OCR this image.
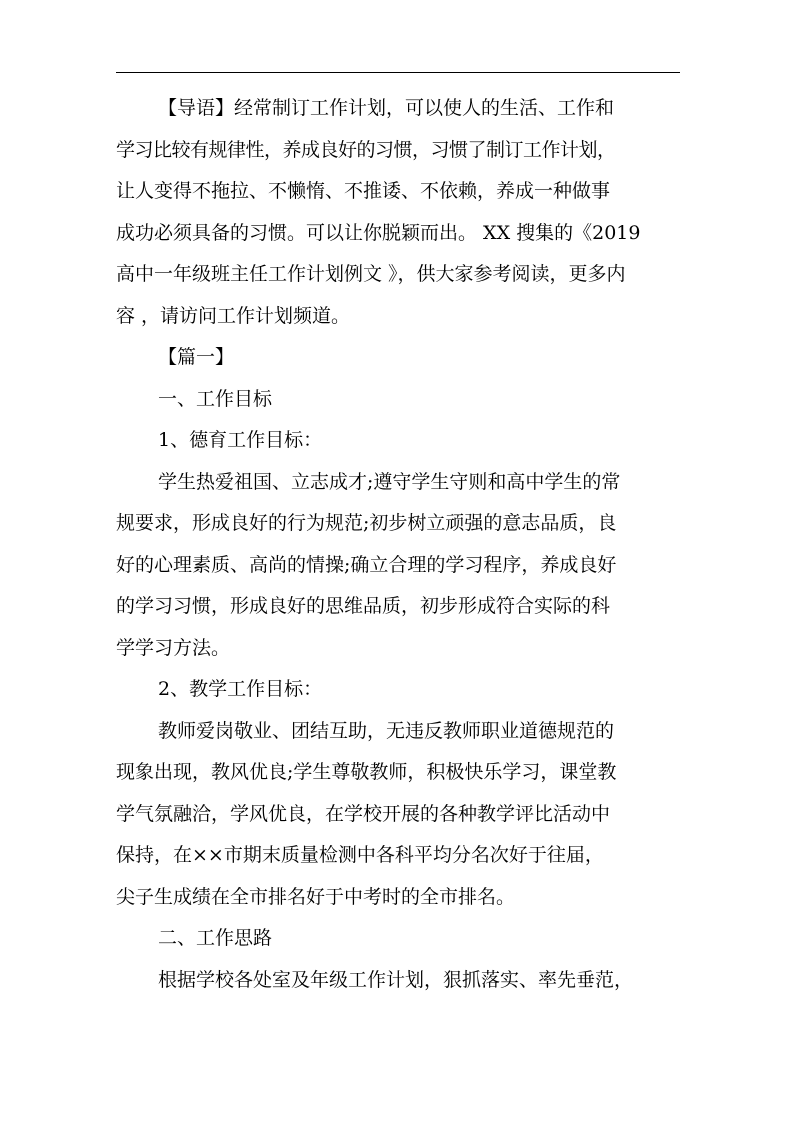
【导语】经常制订工作计划，可以使人的生活、工作和
学习比较有规律性，养成良好的习惯，习惯了制订工作计划，
让人变得不拖拉、不懒惰、不推诿、不依赖，养成一种做事
成功必须具备的习惯。可以让你脱颖而出。 XX 搜集的《2019
高中一年级班主任工作计划例文 》，供大家参考阅读，更多内
容 ，请访问工作计划频道。
【篇一】
一、工作目标
1、德育工作目标：
学生热爱祖国、立志成才;遵守学生守则和高中学生的常
规要求，形成良好的行为规范;初步树立顽强的意志品质，良
好的心理素质、高尚的情操;确立合理的学习程序，养成良好
的学习习惯，形成良好的思维品质，初步形成符合实际的科
学学习方法。
2、教学工作目标：
教师爱岗敬业、团结互助，无违反教师职业道德规范的
现象出现，教风优良;学生尊敬教师，积极快乐学习，课堂教
学气氛融洽，学风优良，在学校开展的各种教学评比活动中
保持，在××市期末质量检测中各科平均分名次好于往届，
尖子生成绩在全市排名好于中考时的全市排名。
二、工作思路
根据学校各处室及年级工作计划，狠抓落实、率先垂范，
